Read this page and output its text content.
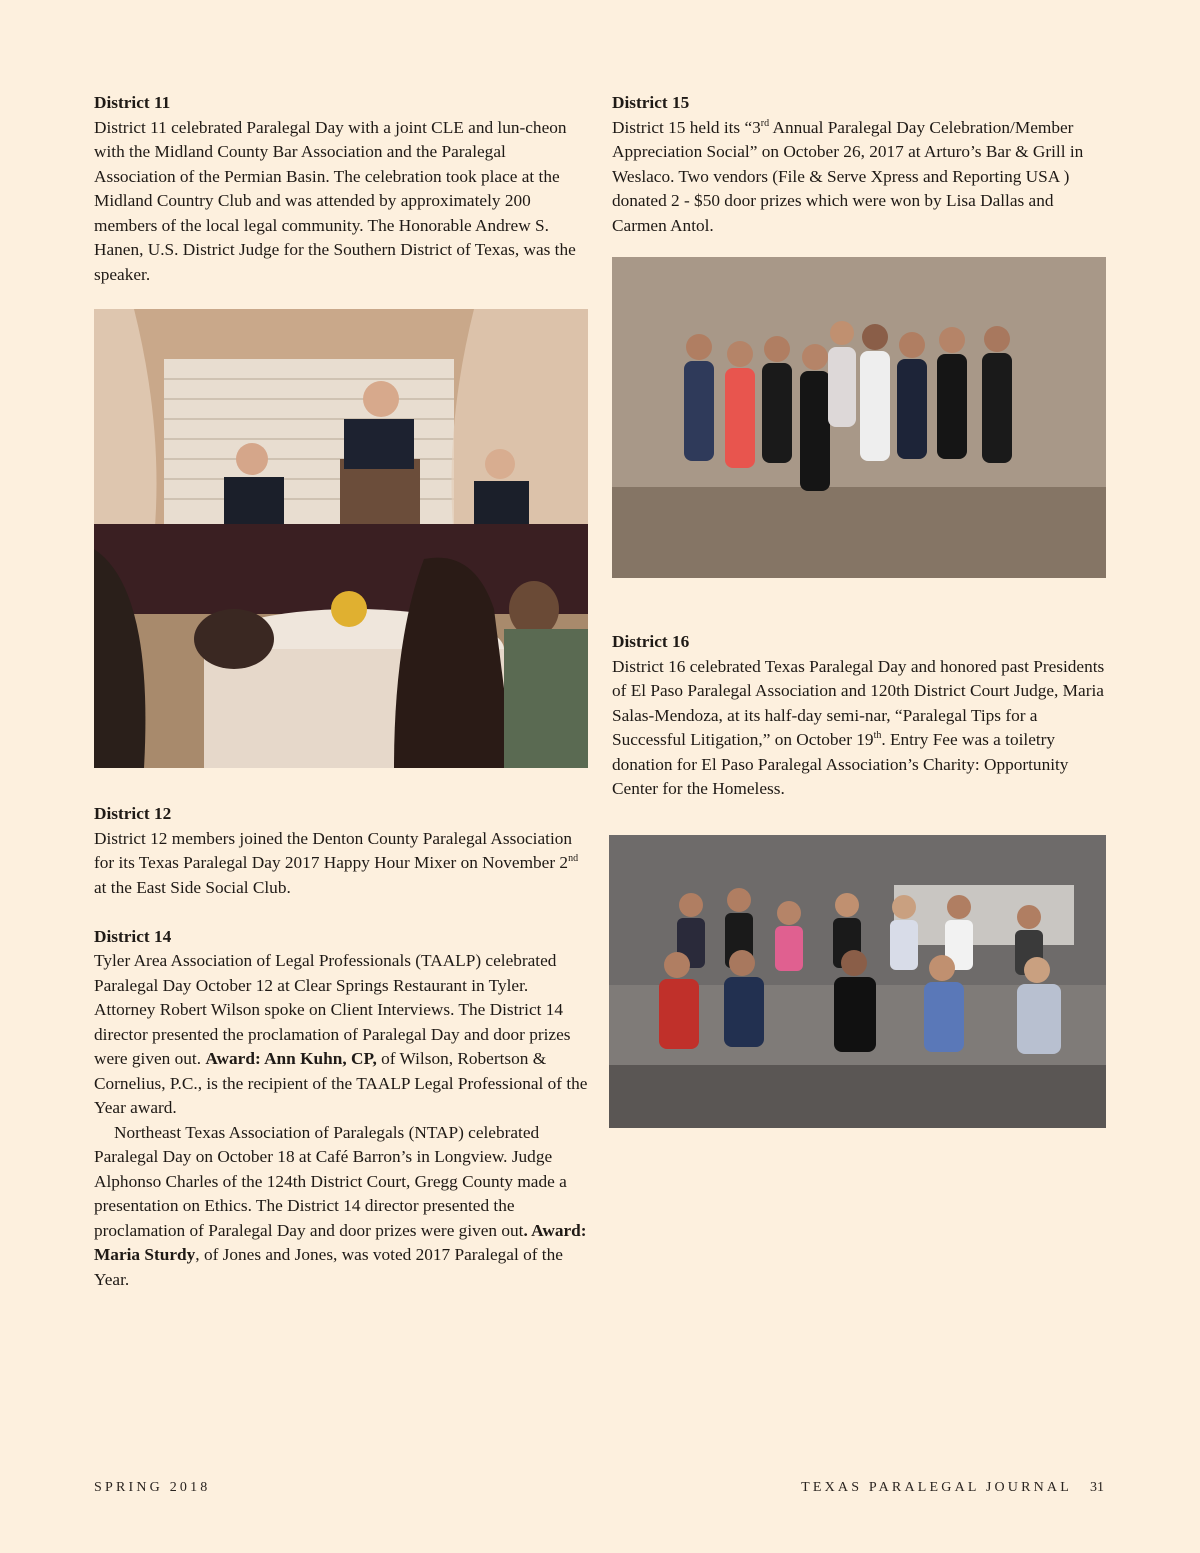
District 11

District 11 celebrated Paralegal Day with a joint CLE and lun-cheon with the Midland County Bar Association and the Paralegal Association of the Permian Basin. The celebration took place at the Midland Country Club and was attended by approximately 200 members of the local legal community. The Honorable Andrew S. Hanen, U.S. District Judge for the Southern District of Texas, was the speaker.

District 12

District 12 members joined the Denton County Paralegal Association for its Texas Paralegal Day 2017 Happy Hour Mixer on November 2nd at the East Side Social Club.

District 14

Tyler Area Association of Legal Professionals (TAALP) celebrated Paralegal Day October 12 at Clear Springs Restaurant in Tyler. Attorney Robert Wilson spoke on Client Interviews. The District 14 director presented the proclamation of Paralegal Day and door prizes were given out. Award: Ann Kuhn, CP, of Wilson, Robertson & Cornelius, P.C., is the recipient of the TAALP Legal Professional of the Year award.

Northeast Texas Association of Paralegals (NTAP) celebrated Paralegal Day on October 18 at Café Barron’s in Longview. Judge Alphonso Charles of the 124th District Court, Gregg County made a presentation on Ethics. The District 14 director presented the proclamation of Paralegal Day and door prizes were given out. Award: Maria Sturdy, of Jones and Jones, was voted 2017 Paralegal of the Year.

District 15

District 15 held its “3rd Annual Paralegal Day Celebration/Member Appreciation Social” on October 26, 2017 at Arturo’s Bar & Grill in Weslaco. Two vendors (File & Serve Xpress and Reporting USA ) donated 2 - $50 door prizes which were won by Lisa Dallas and Carmen Antol.

District 16

District 16 celebrated Texas Paralegal Day and honored past Presidents of El Paso Paralegal Association and 120th District Court Judge, Maria Salas-Mendoza, at its half-day semi-nar, “Paralegal Tips for a Successful Litigation,” on October 19th. Entry Fee was a toiletry donation for El Paso Paralegal Association’s Charity: Opportunity Center for the Homeless.

SPRING 2018	TEXAS PARALEGAL JOURNAL 31
